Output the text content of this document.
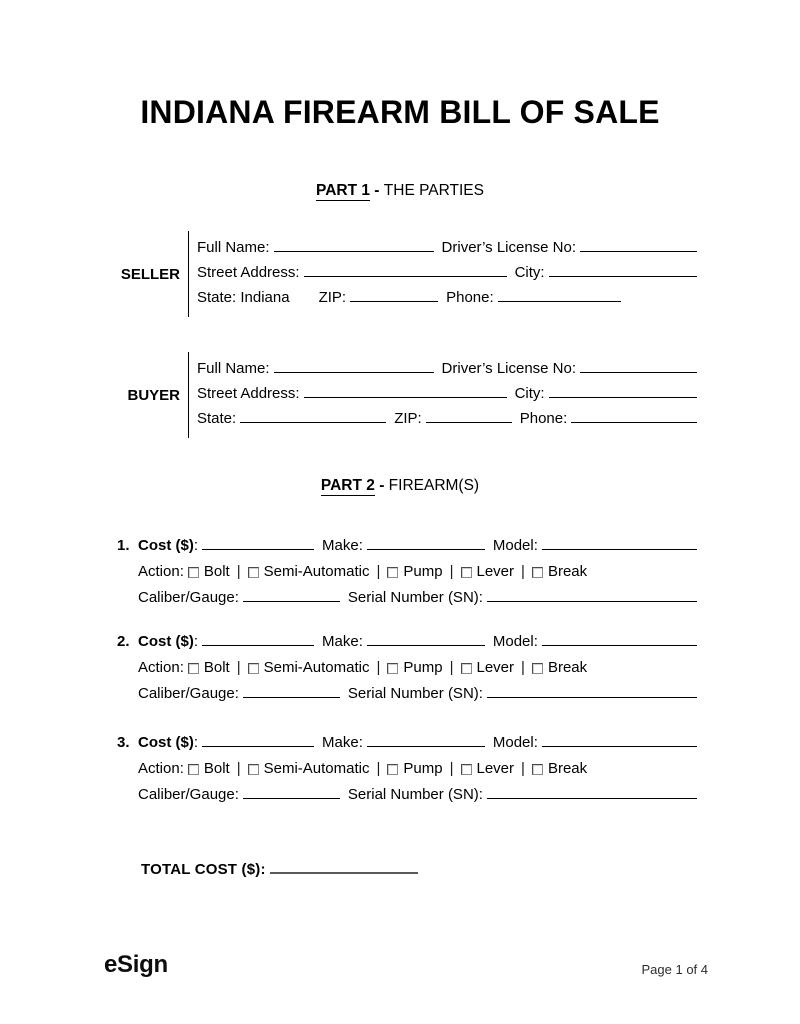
INDIANA FIREARM BILL OF SALE
PART 1 - THE PARTIES
SELLER
Full Name:	Driver’s License No:
Street Address:	City:
State: Indiana ZIP:	Phone:
BUYER
Full Name:	Driver’s License No:
Street Address:	City:
State:	ZIP:	Phone:
PART 2 - FIREARM(S)
1. Cost ($) :	Make:	Model:
Action: Bolt | Semi-Automatic | Pump | Lever | Break
Caliber/Gauge:	Serial Number (SN):
2. Cost ($) :	Make:	Model:
Action: Bolt | Semi-Automatic | Pump | Lever | Break
Caliber/Gauge:	Serial Number (SN):
3. Cost ($) :	Make:	Model:
Action: Bolt | Semi-Automatic | Pump | Lever | Break
Caliber/Gauge:	Serial Number (SN):
TOTAL COST ($):
eSign	Page 1 of 4
